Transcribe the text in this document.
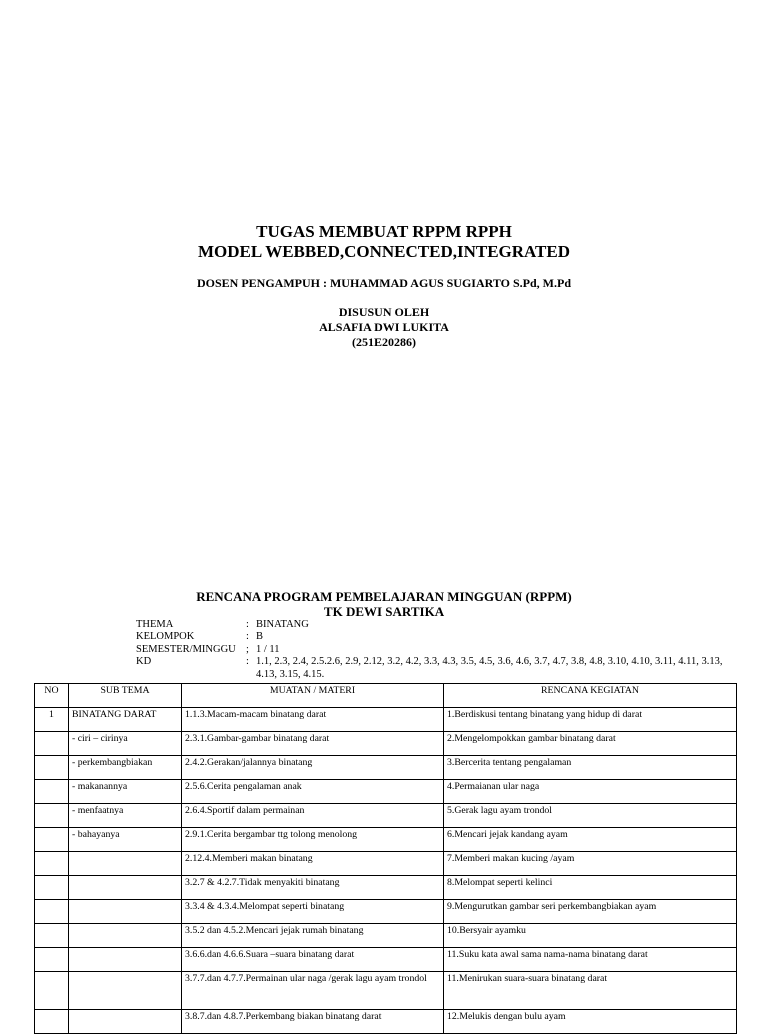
TUGAS MEMBUAT RPPM RPPH
MODEL WEBBED,CONNECTED,INTEGRATED
DOSEN PENGAMPUH : MUHAMMAD AGUS SUGIARTO S.Pd, M.Pd
DISUSUN OLEH
ALSAFIA DWI LUKITA
(251E20286)
RENCANA PROGRAM PEMBELAJARAN MINGGUAN (RPPM)
TK DEWI SARTIKA
THEMA	: BINATANG
KELOMPOK	: B
SEMESTER/MINGGU ; 1 / 11
KD	: 1.1, 2.3, 2.4, 2.5.2.6, 2.9, 2.12, 3.2, 4.2, 3.3, 4.3, 3.5, 4.5, 3.6, 4.6, 3.7, 4.7, 3.8, 4.8, 3.10, 4.10, 3.11, 4.11, 3.13, 4.13, 3.15, 4.15.
NO	SUB TEMA	MUATAN / MATERI	RENCANA KEGIATAN
1	BINATANG DARAT	1.1.3.Macam-macam binatang darat	1.Berdiskusi tentang binatang yang hidup di darat
	- ciri – cirinya	2.3.1.Gambar-gambar binatang darat	2.Mengelompokkan gambar binatang darat
	- perkembangbiakan	2.4.2.Gerakan/jalannya binatang	3.Bercerita tentang pengalaman
	- makanannya	2.5.6.Cerita pengalaman anak	4.Permaianan ular naga
	- menfaatnya	2.6.4.Sportif dalam permainan	5.Gerak lagu ayam trondol
	- bahayanya	2.9.1.Cerita bergambar ttg tolong menolong	6.Mencari jejak kandang ayam
		2.12.4.Memberi makan binatang	7.Memberi makan kucing /ayam
		3.2.7 & 4.2.7.Tidak menyakiti binatang	8.Melompat seperti kelinci
		3.3.4 & 4.3.4.Melompat seperti binatang	9.Mengurutkan gambar seri perkembangbiakan ayam
		3.5.2 dan 4.5.2.Mencari jejak rumah binatang	10.Bersyair ayamku
		3.6.6.dan 4.6.6.Suara –suara binatang darat	11.Suku kata awal sama nama-nama binatang darat
		3.7.7.dan 4.7.7.Permainan ular naga /gerak lagu ayam trondol	11.Menirukan suara-suara binatang darat
		3.8.7.dan 4.8.7.Perkembang biakan binatang darat	12.Melukis dengan bulu ayam
